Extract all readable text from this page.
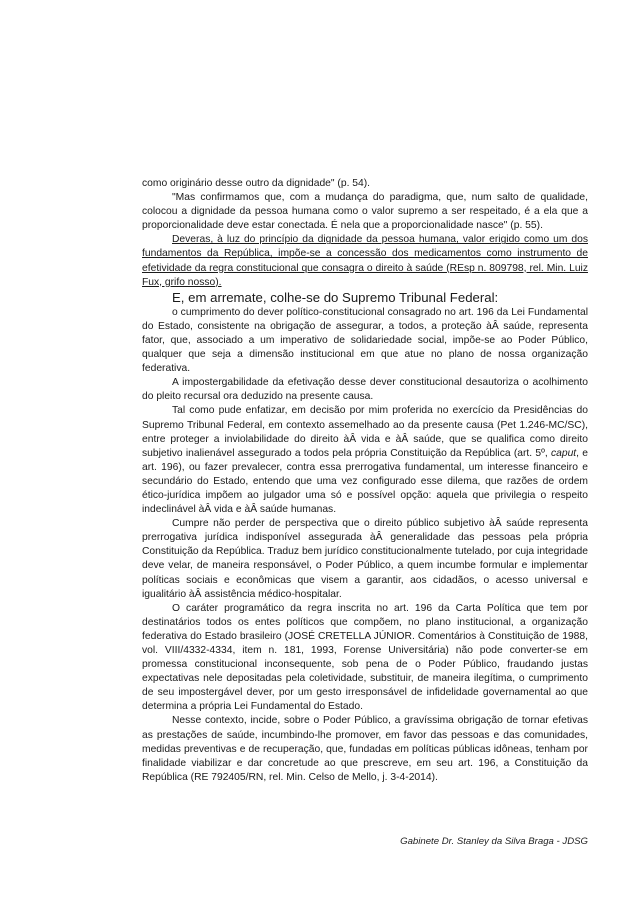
como originário desse outro da dignidade" (p. 54).

"Mas confirmamos que, com a mudança do paradigma, que, num salto de qualidade, colocou a dignidade da pessoa humana como o valor supremo a ser respeitado, é a ela que a proporcionalidade deve estar conectada. É nela que a proporcionalidade nasce" (p. 55).

Deveras, à luz do princípio da dignidade da pessoa humana, valor erigido como um dos fundamentos da República, impõe-se a concessão dos medicamentos como instrumento de efetividade da regra constitucional que consagra o direito à saúde (REsp n. 809798, rel. Min. Luiz Fux, grifo nosso).

E, em arremate, colhe-se do Supremo Tribunal Federal:

o cumprimento do dever político-constitucional consagrado no art. 196 da Lei Fundamental do Estado, consistente na obrigação de assegurar, a todos, a proteção àÂ saúde, representa fator, que, associado a um imperativo de solidariedade social, impõe-se ao Poder Público, qualquer que seja a dimensão institucional em que atue no plano de nossa organização federativa.

A impostergabilidade da efetivação desse dever constitucional desautoriza o acolhimento do pleito recursal ora deduzido na presente causa.

Tal como pude enfatizar, em decisão por mim proferida no exercício da Presidências do Supremo Tribunal Federal, em contexto assemelhado ao da presente causa (Pet 1.246-MC/SC), entre proteger a inviolabilidade do direito àÂ vida e àÂ saúde, que se qualifica como direito subjetivo inalienável assegurado a todos pela própria Constituição da República (art. 5º, caput, e art. 196), ou fazer prevalecer, contra essa prerrogativa fundamental, um interesse financeiro e secundário do Estado, entendo que uma vez configurado esse dilema, que razões de ordem ético-jurídica impõem ao julgador uma só e possível opção: aquela que privilegia o respeito indeclinável àÂ vida e àÂ saúde humanas.

Cumpre não perder de perspectiva que o direito público subjetivo àÂ saúde representa prerrogativa jurídica indisponível assegurada àÂ generalidade das pessoas pela própria Constituição da República. Traduz bem jurídico constitucionalmente tutelado, por cuja integridade deve velar, de maneira responsável, o Poder Público, a quem incumbe formular e implementar políticas sociais e econômicas que visem a garantir, aos cidadãos, o acesso universal e igualitário àÂ assistência médico-hospitalar.

O caráter programático da regra inscrita no art. 196 da Carta Política que tem por destinatários todos os entes políticos que compõem, no plano institucional, a organização federativa do Estado brasileiro (JOSÉ CRETELLA JÚNIOR. Comentários à Constituição de 1988, vol. VIII/4332-4334, item n. 181, 1993, Forense Universitária) não pode converter-se em promessa constitucional inconsequente, sob pena de o Poder Público, fraudando justas expectativas nele depositadas pela coletividade, substituir, de maneira ilegítima, o cumprimento de seu impostergável dever, por um gesto irresponsável de infidelidade governamental ao que determina a própria Lei Fundamental do Estado.

Nesse contexto, incide, sobre o Poder Público, a gravíssima obrigação de tornar efetivas as prestações de saúde, incumbindo-lhe promover, em favor das pessoas e das comunidades, medidas preventivas e de recuperação, que, fundadas em políticas públicas idôneas, tenham por finalidade viabilizar e dar concretude ao que prescreve, em seu art. 196, a Constituição da República (RE 792405/RN, rel. Min. Celso de Mello, j. 3-4-2014).

Gabinete Dr. Stanley da Silva Braga - JDSG
